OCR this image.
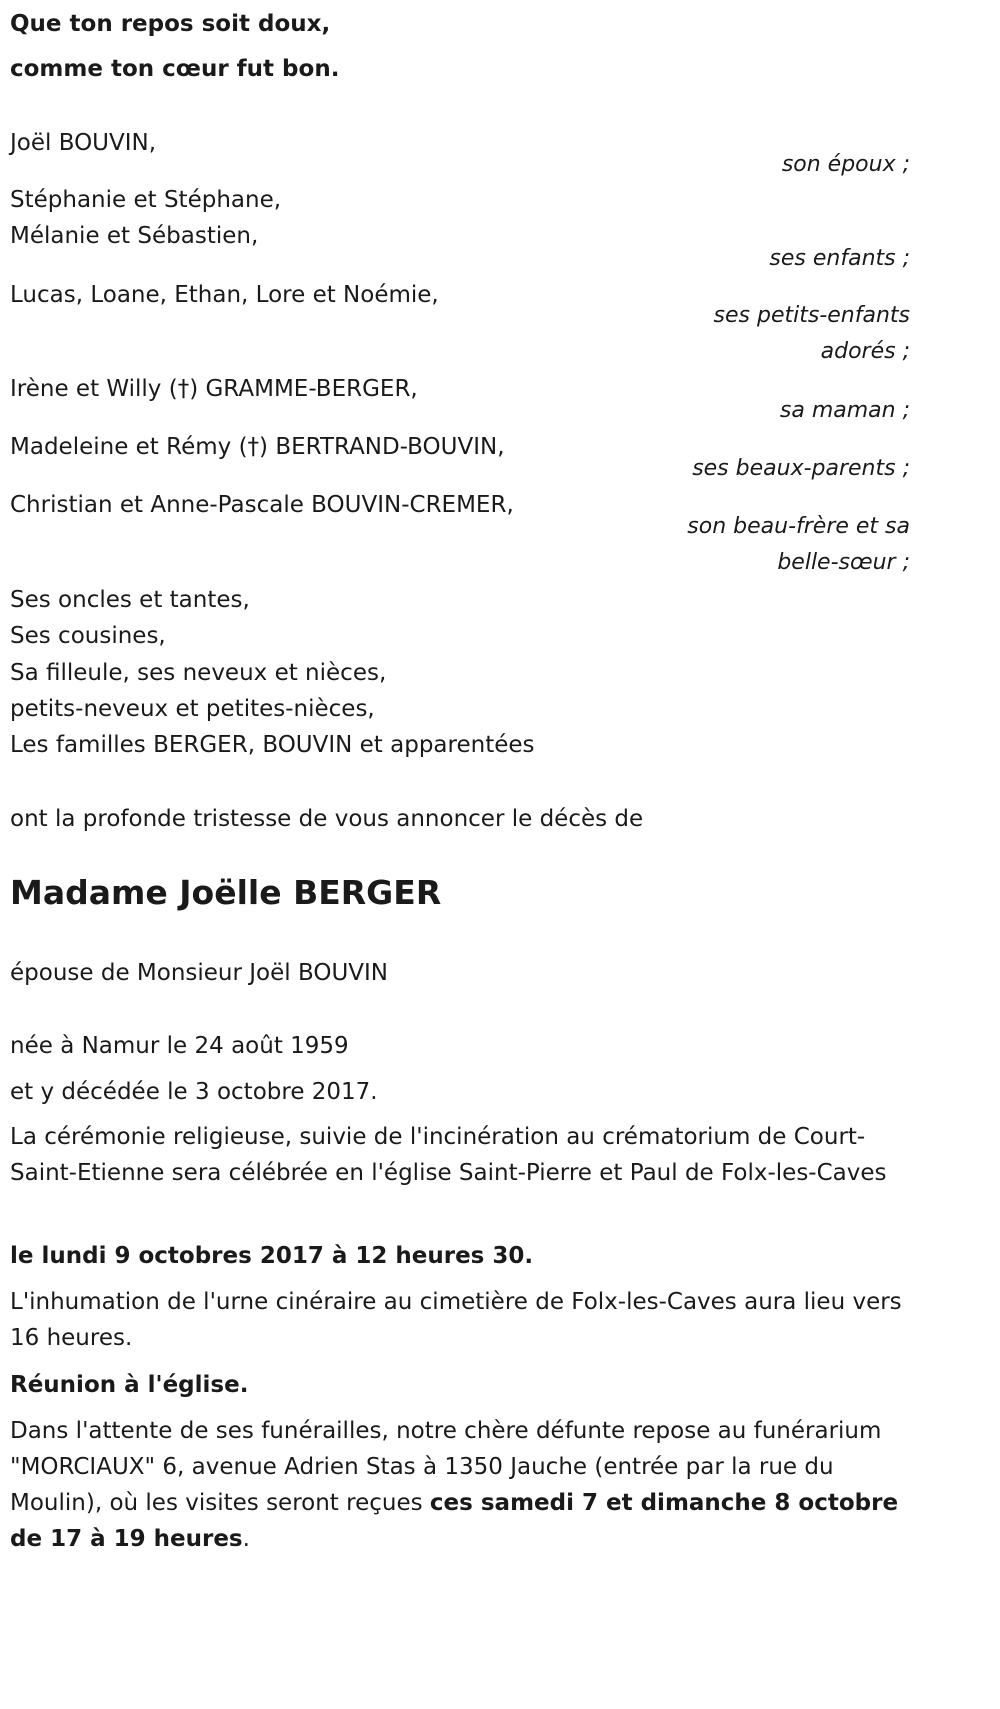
Que ton repos soit doux,
comme ton cœur fut bon.
Joël BOUVIN,
son époux ;
Stéphanie et Stéphane,
Mélanie et Sébastien,
ses enfants ;
Lucas, Loane, Ethan, Lore et Noémie,
ses petits-enfants
adorés ;
Irène et Willy (†) GRAMME-BERGER,
sa maman ;
Madeleine et Rémy (†) BERTRAND-BOUVIN,
ses beaux-parents ;
Christian et Anne-Pascale BOUVIN-CREMER,
son beau-frère et sa
belle-sœur ;
Ses oncles et tantes,
Ses cousines,
Sa filleule, ses neveux et nièces,
petits-neveux et petites-nièces,
Les familles BERGER, BOUVIN et apparentées
ont la profonde tristesse de vous annoncer le décès de
Madame Joëlle BERGER
épouse de Monsieur Joël BOUVIN
née à Namur le 24 août 1959
et y décédée le 3 octobre 2017.
La cérémonie religieuse, suivie de l'incinération au crématorium de Court-Saint-Etienne sera célébrée en l'église Saint-Pierre et Paul de Folx-les-Caves
le lundi 9 octobres 2017 à 12 heures 30.
L'inhumation de l'urne cinéraire au cimetière de Folx-les-Caves aura lieu vers 16 heures.
Réunion à l'église.
Dans l'attente de ses funérailles, notre chère défunte repose au funérarium "MORCIAUX" 6, avenue Adrien Stas à 1350 Jauche (entrée par la rue du Moulin), où les visites seront reçues ces samedi 7 et dimanche 8 octobre de 17 à 19 heures.
